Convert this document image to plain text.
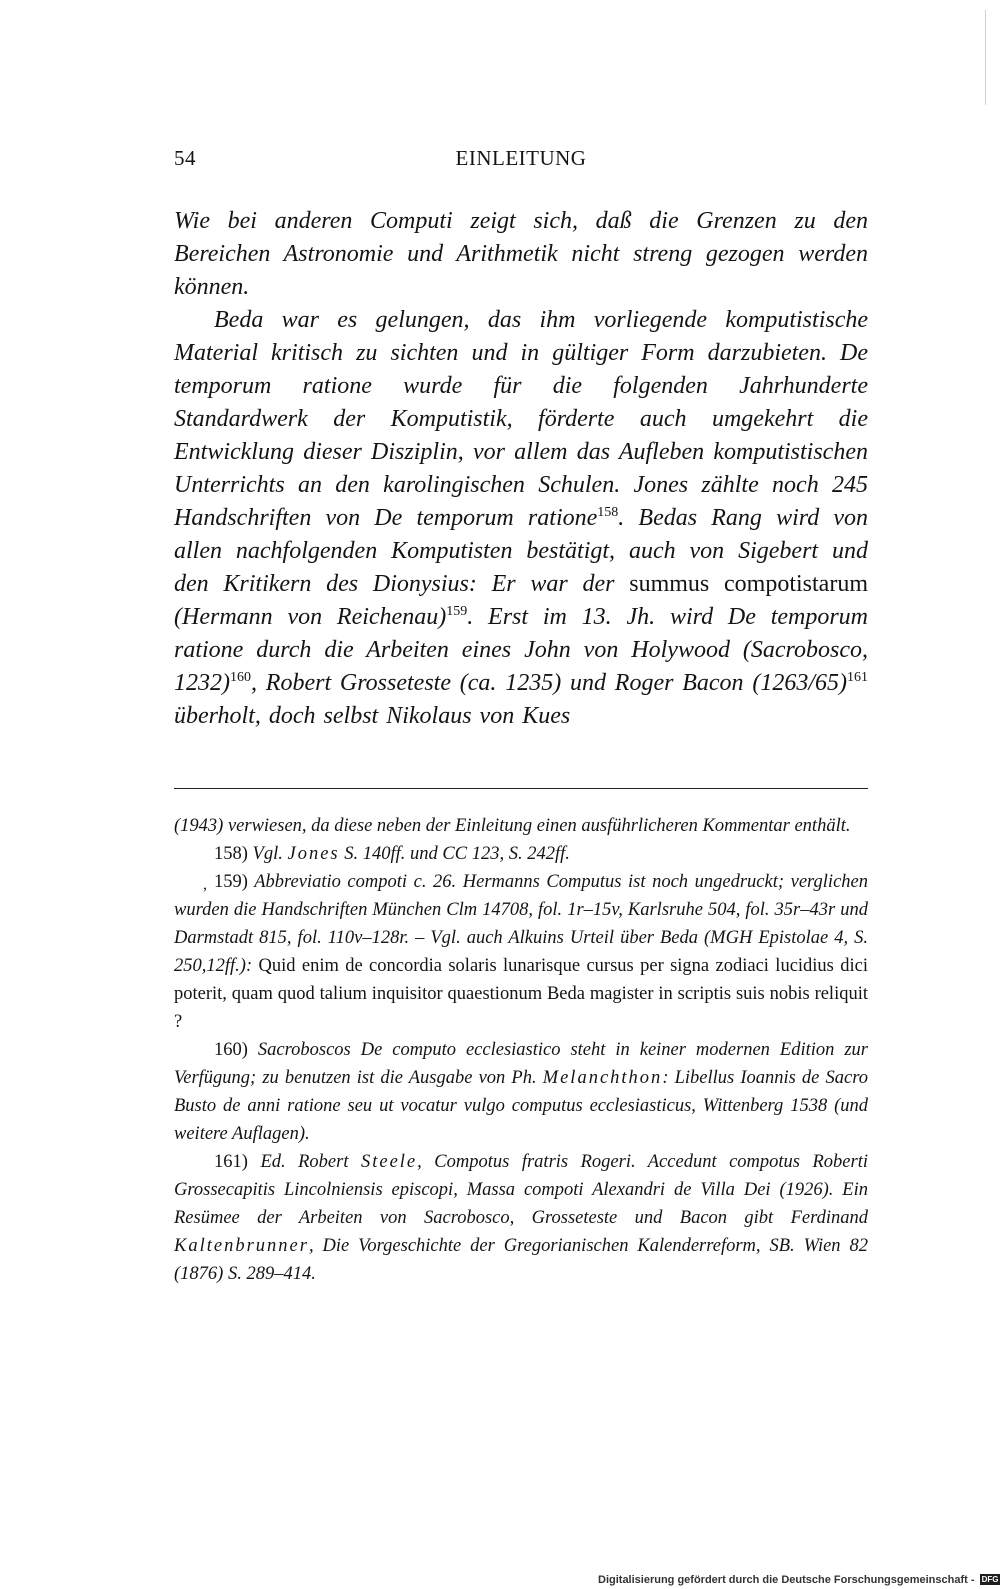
54	EINLEITUNG

Wie bei anderen Computi zeigt sich, daß die Grenzen zu den Bereichen Astronomie und Arithmetik nicht streng gezogen werden können.

Beda war es gelungen, das ihm vorliegende komputistische Material kritisch zu sichten und in gültiger Form darzubieten. De temporum ratione wurde für die folgenden Jahrhunderte Standardwerk der Komputistik, förderte auch umgekehrt die Entwicklung dieser Disziplin, vor allem das Aufleben komputistischen Unterrichts an den karolingischen Schulen. Jones zählte noch 245 Handschriften von De temporum ratione$^{158}$. Bedas Rang wird von allen nachfolgenden Komputisten bestätigt, auch von Sigebert und den Kritikern des Dionysius: Er war der summus compotistarum (Hermann von Reichenau)$^{159}$. Erst im 13. Jh. wird De temporum ratione durch die Arbeiten eines John von Holywood (Sacrobosco, 1232)$^{160}$, Robert Grosseteste (ca. 1235) und Roger Bacon $(1263/65)^{161}$ überholt, doch selbst Nikolaus von Kues

,

(1943) verwiesen, da diese neben der Einleitung einen ausführlicheren Kommentar enthält.

158) Vgl. Jones S. 140ff. und CC 123, S. 242ff.

159) Abbreviatio compoti c. 26. Hermanns Computus ist noch ungedruckt; verglichen wurden die Handschriften München Clm 14708, fol. 1r–15v, Karlsruhe 504, fol. 35r–43r und Darmstadt 815, fol. 110v–128r. – Vgl. auch Alkuins Urteil über Beda (MGH Epistolae 4, S. 250,12ff.): Quid enim de concordia solaris lunarisque cursus per signa zodiaci lucidius dici poterit, quam quod talium inquisitor quaestionum Beda magister in scriptis suis nobis reliquit ?

160) Sacroboscos De computo ecclesiastico steht in keiner modernen Edition zur Verfügung; zu benutzen ist die Ausgabe von Ph. Melanchthon: Libellus Ioannis de Sacro Busto de anni ratione seu ut vocatur vulgo computus ecclesiasticus, Wittenberg 1538 (und weitere Auflagen).

161) Ed. Robert Steele, Compotus fratris Rogeri. Accedunt compotus Roberti Grossecapitis Lincolniensis episcopi, Massa compoti Alexandri de Villa Dei (1926). Ein Resümee der Arbeiten von Sacrobosco, Grosseteste und Bacon gibt Ferdinand Kaltenbrunner, Die Vorgeschichte der Gregorianischen Kalenderreform, SB. Wien 82 (1876) S. 289–414.

Digitalisierung gefördert durch die Deutsche Forschungsgemeinschaft - DFG
